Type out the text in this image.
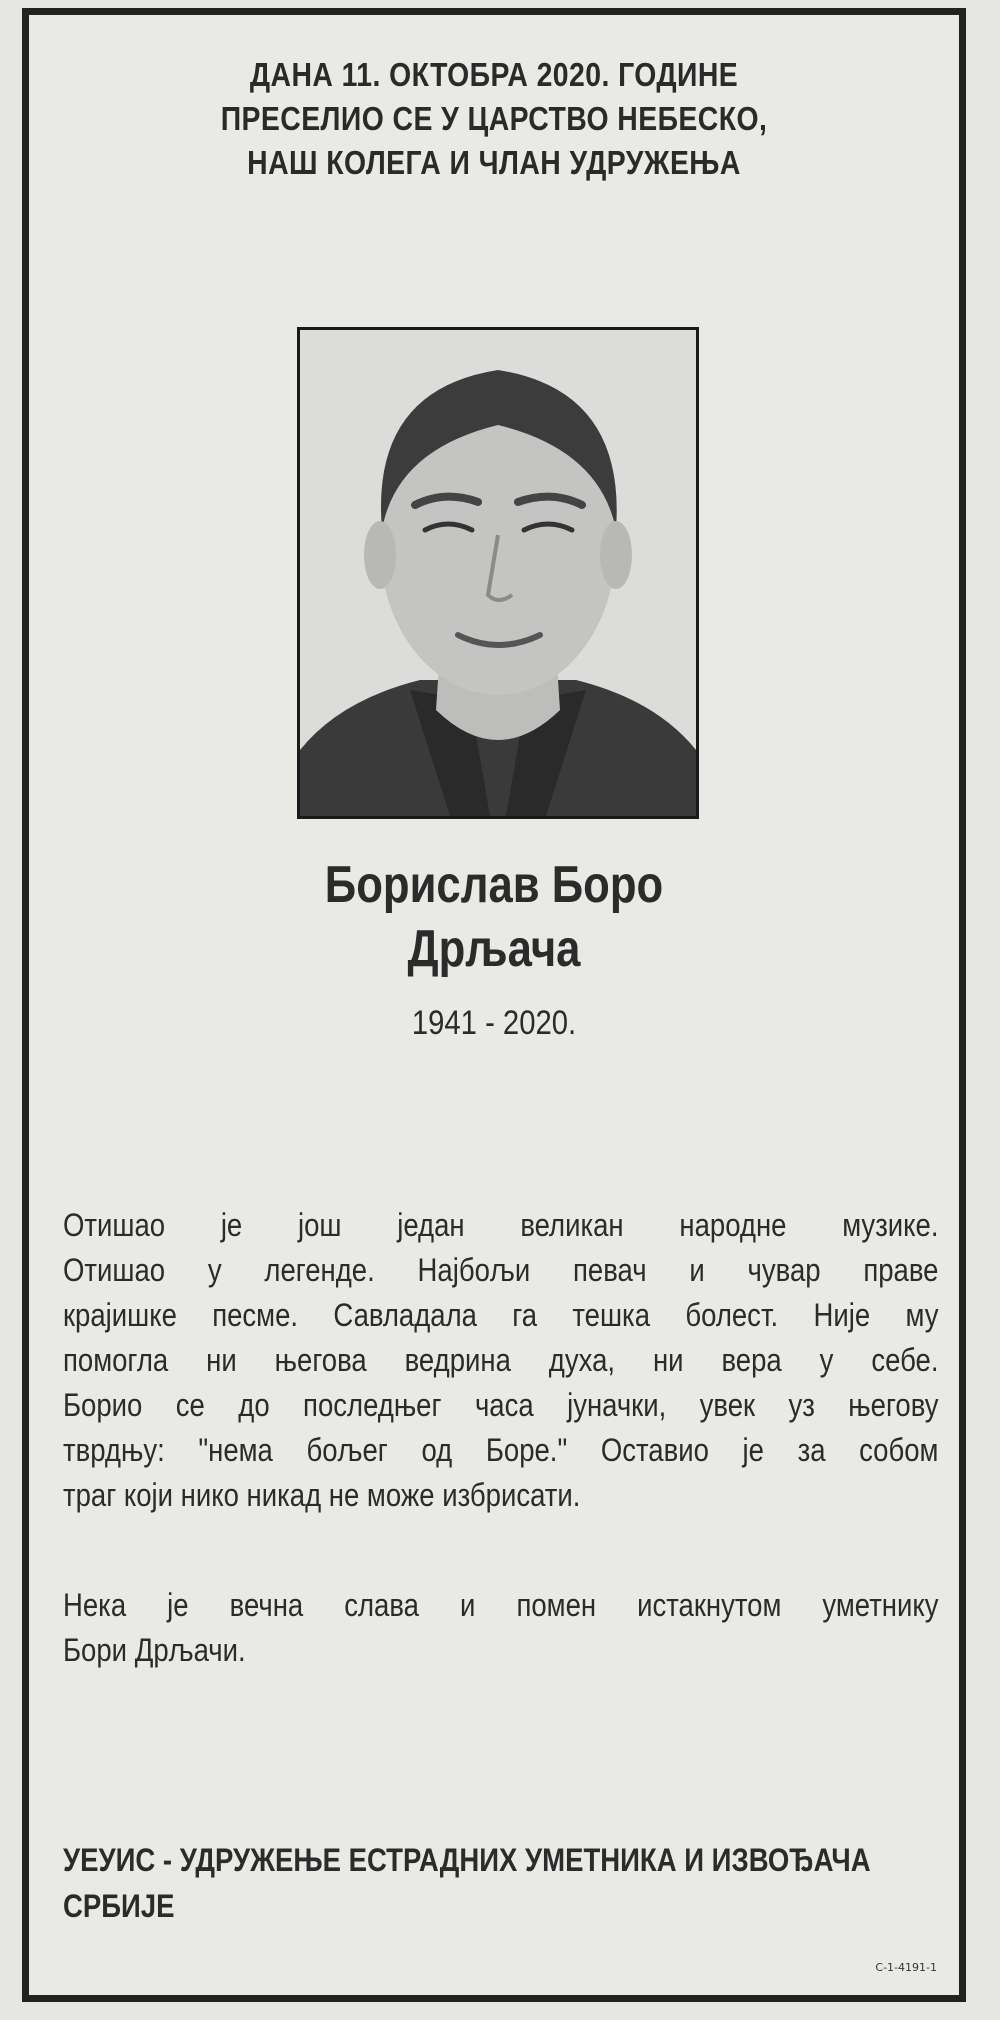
ДАНА 11. ОКТОБРА 2020. ГОДИНЕ
ПРЕСЕЛИО СЕ У ЦАРСТВО НЕБЕСКО,
НАШ КОЛЕГА И ЧЛАН УДРУЖЕЊА
Борислав Боро
Дрљача
1941 - 2020.
Отишао је још један великан народне музике.
Отишао у легенде. Најбољи певач и чувар праве
крајишке песме. Савладала га тешка болест. Није му
помогла ни његова ведрина духа, ни вера у себе.
Борио се до последњег часа јуначки, увек уз његову
тврдњу: "нема бољег од Боре." Оставио је за собом
траг који нико никад не може избрисати.
Нека је вечна слава и помен истакнутом уметнику
Бори Дрљачи.
УЕУИС - УДРУЖЕЊЕ ЕСТРАДНИХ УМЕТНИКА И ИЗВОЂАЧА
СРБИЈЕ
С-1-4191-1
